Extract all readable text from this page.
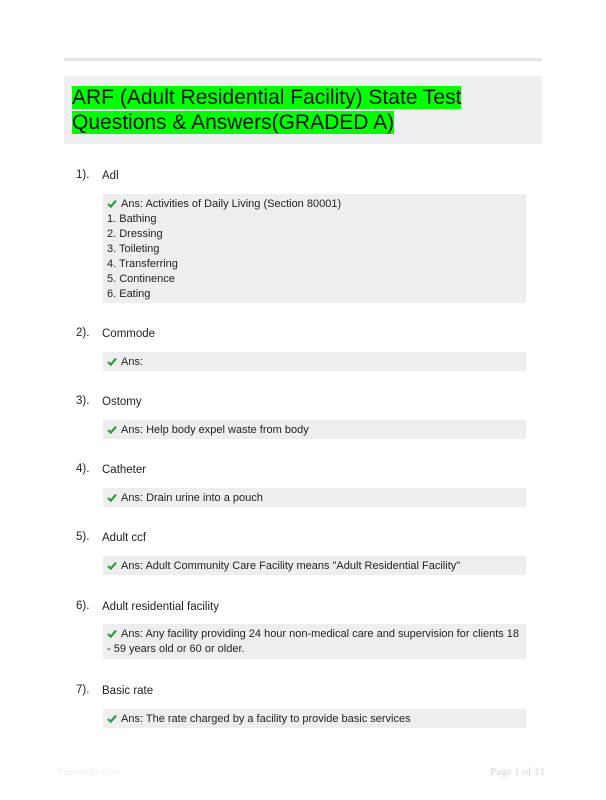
ARF (Adult Residential Facility) State Test Questions & Answers(GRADED A)
1). Adl
Ans: Activities of Daily Living (Section 80001)
1. Bathing
2. Dressing
3. Toileting
4. Transferring
5. Continence
6. Eating
2). Commode
Ans:
3). Ostomy
Ans: Help body expel waste from body
4). Catheter
Ans: Drain urine into a pouch
5). Adult ccf
Ans: Adult Community Care Facility means "Adult Residential Facility"
6). Adult residential facility
Ans: Any facility providing 24 hour non-medical care and supervision for clients 18 - 59 years old or 60 or older.
7). Basic rate
Ans: The rate charged by a facility to provide basic services
PaperNibs.com	Page 1 of 11
